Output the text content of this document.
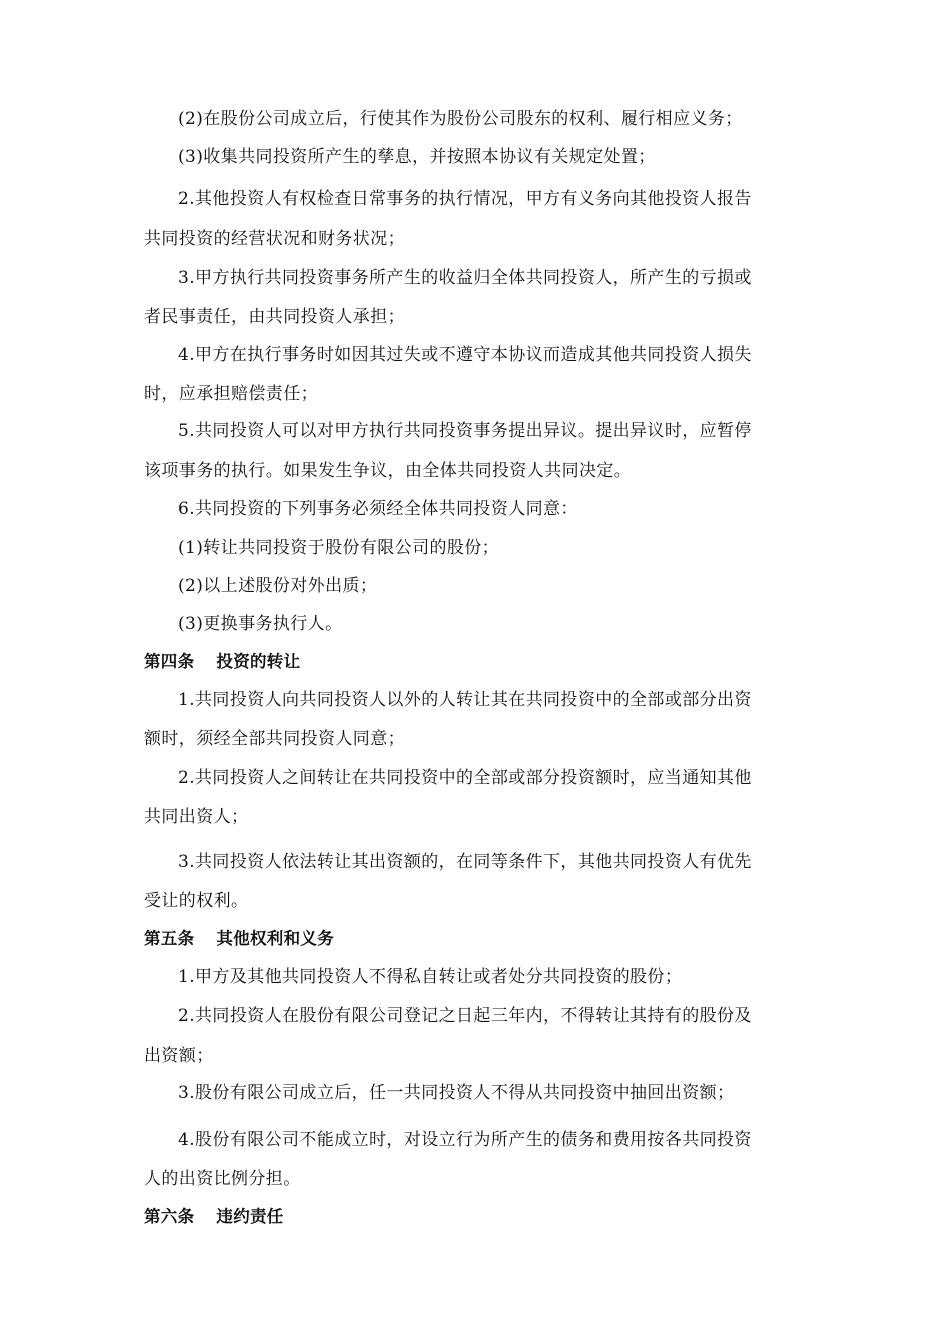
(2)在股份公司成立后，行使其作为股份公司股东的权利、履行相应义务；
(3)收集共同投资所产生的孳息，并按照本协议有关规定处置；
2.其他投资人有权检查日常事务的执行情况，甲方有义务向其他投资人报告
共同投资的经营状况和财务状况；
3.甲方执行共同投资事务所产生的收益归全体共同投资人，所产生的亏损或
者民事责任，由共同投资人承担；
4.甲方在执行事务时如因其过失或不遵守本协议而造成其他共同投资人损失
时，应承担赔偿责任；
5.共同投资人可以对甲方执行共同投资事务提出异议。提出异议时，应暂停
该项事务的执行。如果发生争议，由全体共同投资人共同决定。
6.共同投资的下列事务必须经全体共同投资人同意：
(1)转让共同投资于股份有限公司的股份；
(2)以上述股份对外出质；
(3)更换事务执行人。
第四条 投资的转让
1.共同投资人向共同投资人以外的人转让其在共同投资中的全部或部分出资
额时，须经全部共同投资人同意；
2.共同投资人之间转让在共同投资中的全部或部分投资额时，应当通知其他
共同出资人；
3.共同投资人依法转让其出资额的，在同等条件下，其他共同投资人有优先
受让的权利。
第五条 其他权利和义务
1.甲方及其他共同投资人不得私自转让或者处分共同投资的股份；
2.共同投资人在股份有限公司登记之日起三年内，不得转让其持有的股份及
出资额；
3.股份有限公司成立后，任一共同投资人不得从共同投资中抽回出资额；
4.股份有限公司不能成立时，对设立行为所产生的债务和费用按各共同投资
人的出资比例分担。
第六条 违约责任
